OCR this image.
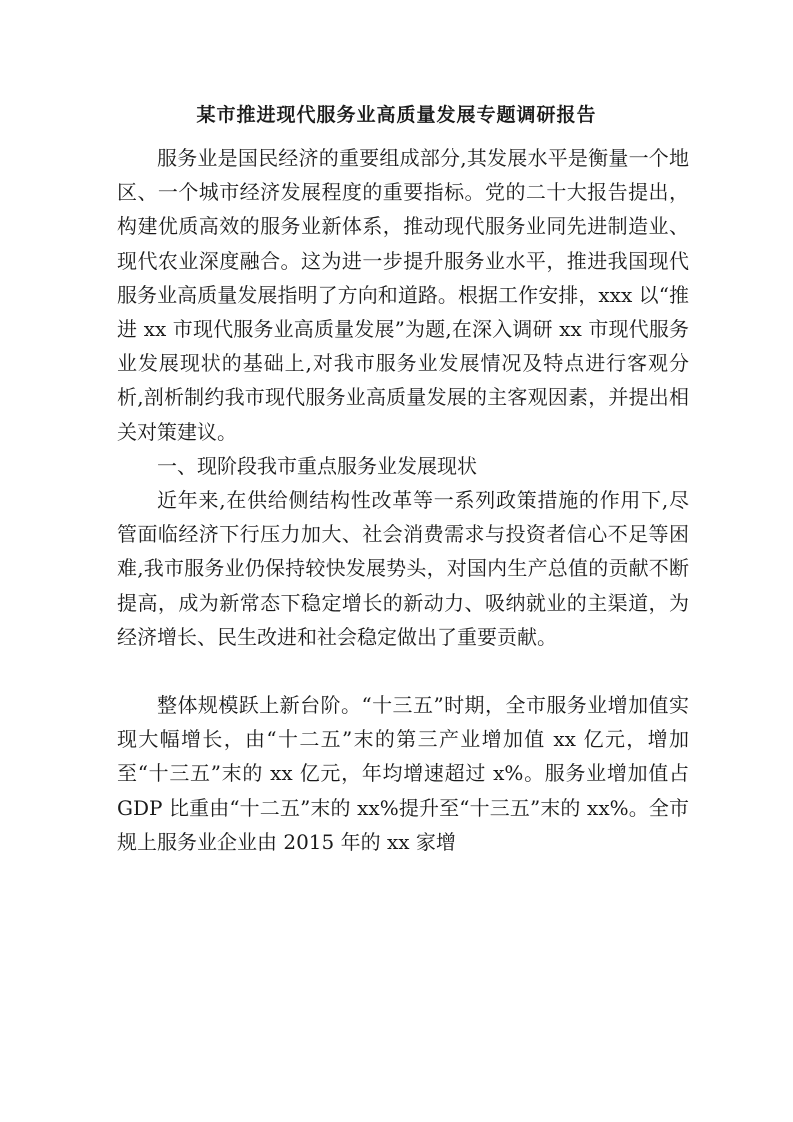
某市推进现代服务业高质量发展专题调研报告

服务业是国民经济的重要组成部分,其发展水平是衡量一个地区、一个城市经济发展程度的重要指标。党的二十大报告提出，构建优质高效的服务业新体系，推动现代服务业同先进制造业、现代农业深度融合。这为进一步提升服务业水平，推进我国现代服务业高质量发展指明了方向和道路。根据工作安排，xxx 以“推进 xx 市现代服务业高质量发展”为题,在深入调研 xx 市现代服务业发展现状的基础上,对我市服务业发展情况及特点进行客观分析,剖析制约我市现代服务业高质量发展的主客观因素，并提出相关对策建议。

一、现阶段我市重点服务业发展现状

近年来,在供给侧结构性改革等一系列政策措施的作用下,尽管面临经济下行压力加大、社会消费需求与投资者信心不足等困难,我市服务业仍保持较快发展势头，对国内生产总值的贡献不断提高，成为新常态下稳定增长的新动力、吸纳就业的主渠道，为经济增长、民生改进和社会稳定做出了重要贡献。

整体规模跃上新台阶。“十三五”时期，全市服务业增加值实现大幅增长，由“十二五”末的第三产业增加值 xx 亿元，增加至“十三五”末的 xx 亿元，年均增速超过 x%。服务业增加值占 GDP 比重由“十二五”末的 xx%提升至“十三五”末的 xx%。全市规上服务业企业由 2015 年的 xx 家增
